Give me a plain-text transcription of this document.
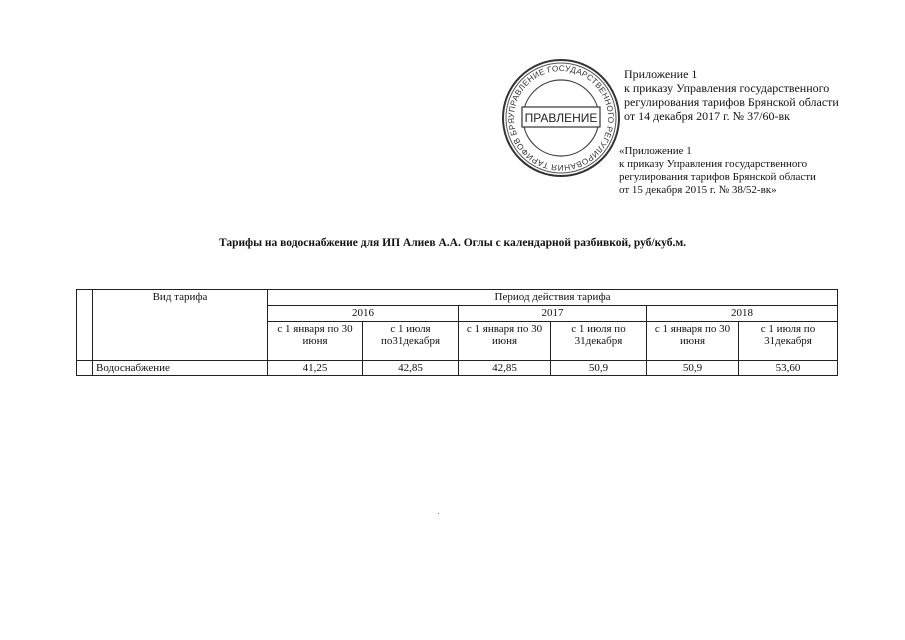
УПРАВЛЕНИЕ ГОСУДАРСТВЕННОГО РЕГУЛИРОВАНИЯ ТАРИФОВ БРЯ ПРАВЛЕНИЕ
Приложение 1
к приказу Управления государственного
регулирования тарифов Брянской области
от 14 декабря 2017 г. № 37/60-вк
«Приложение 1
к приказу Управления государственного
регулирования тарифов Брянской области
от 15 декабря 2015 г. № 38/52-вк»
Тарифы на водоснабжение для ИП Алиев А.А. Оглы с календарной разбивкой, руб/куб.м.
	Вид тарифа	Период действия тарифа					
		2016		2017		2018	
		с 1 января по 30 июня	с 1 июля по31декабря	с 1 января по 30 июня	с 1 июля по 31декабря	с 1 января по 30 июня	с 1 июля по 31декабря
	Водоснабжение	41,25	42,85	42,85	50,9	50,9	53,60
